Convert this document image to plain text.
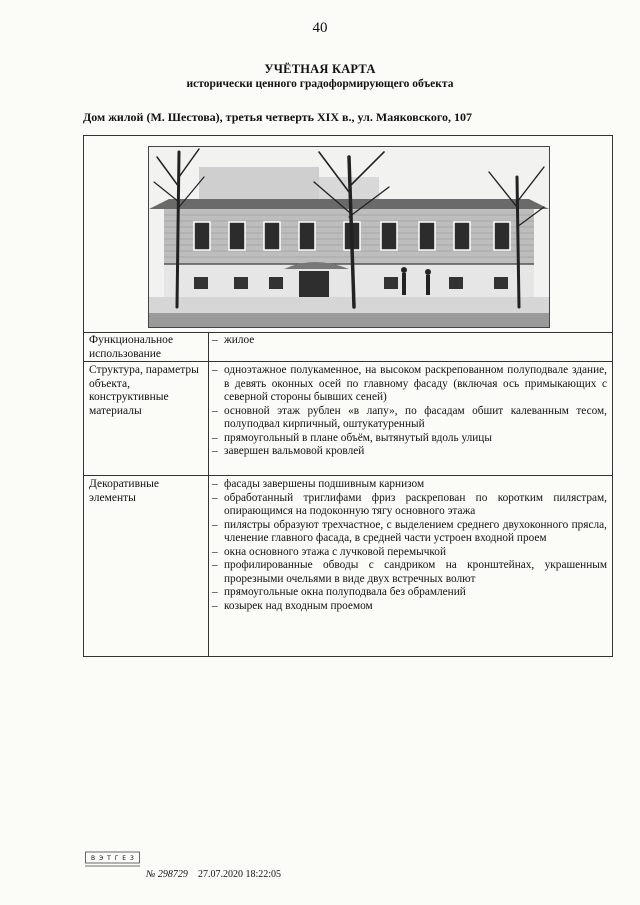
40
УЧЁТНАЯ КАРТА
исторически ценного градоформирующего объекта
Дом жилой (М. Шестова), третья четверть XIX в., ул. Маяковского, 107
Функциональное использование
– жилое
Структура, параметры объекта, конструктивные материалы
– одноэтажное полукаменное, на высоком раскрепованном полуподвале здание, в девять оконных осей по главному фасаду (включая ось примыкающих с северной стороны бывших сеней)
– основной этаж рублен «в лапу», по фасадам обшит калеванным тесом, полуподвал кирпичный, оштукатуренный
– прямоугольный в плане объём, вытянутый вдоль улицы
– завершен вальмовой кровлей
Декоративные элементы
– фасады завершены подшивным карнизом
– обработанный триглифами фриз раскрепован по коротким пилястрам, опирающимся на подоконную тягу основного этажа
– пилястры образуют трехчастное, с выделением среднего двухоконного прясла, членение главного фасада, в средней части устроен входной проем
– окна основного этажа с лучковой перемычкой
– профилированные обводы с сандриком на кронштейнах, украшенным прорезными очельями в виде двух встречных волют
– прямоугольные окна полуподвала без обрамлений
– козырек над входным проемом
В Э Т Г Е З
№ 298729 27.07.2020 18:22:05
